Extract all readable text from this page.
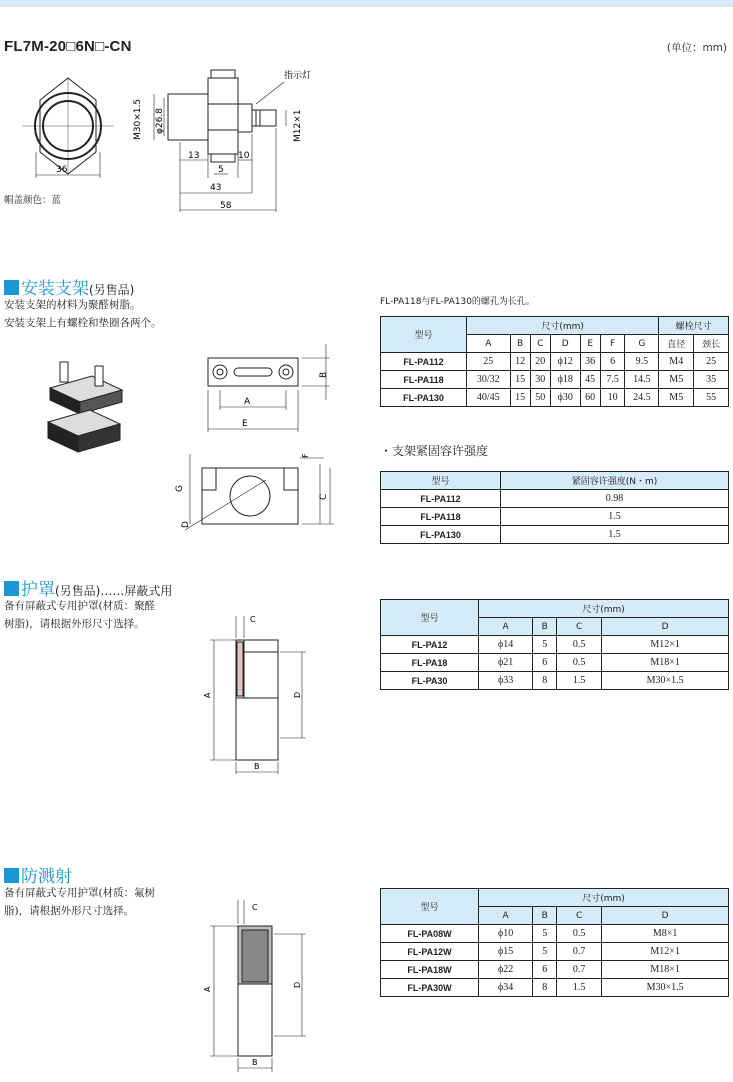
FL7M-20□6N□-CN	(单位：mm)
36
13	10
5
43
58
指示灯
M30×1.5 φ26.8	M12×1
帽盖颜色：蓝
安装支架(另售品)
安装支架的材料为聚醛树脂。
安装支架上有螺栓和垫圈各两个。
A
E
B
F
G
C
D
FL-PA118与FL-PA130的螺孔为长孔。
型号	尺寸(mm)							螺栓尺寸	
	A	B	C	D	E	F	G	直径	颈长
FL-PA112	25	12	20	ϕ12	36	6	9.5	M4	25
FL-PA118	30/32	15	30	ϕ18	45	7.5	14.5	M5	35
FL-PA130	40/45	15	50	ϕ30	60	10	24.5	M5	55
・支架紧固容许强度
型号	紧固容许强度(N・m)
FL-PA112	0.98
FL-PA118	1.5
FL-PA130	1.5
护罩(另售品)……屏蔽式用
备有屏蔽式专用护罩(材质：聚醛
树脂)，请根据外形尺寸选择。	C
A	D
B
型号	尺寸(mm)			
	A	B	C	D
FL-PA12	ϕ14	5	0.5	M12×1
FL-PA18	ϕ21	6	0.5	M18×1
FL-PA30	ϕ33	8	1.5	M30×1.5
防溅射
备有屏蔽式专用护罩(材质：氟树
脂)，请根据外形尺寸选择。	C
A
D
B
型号	尺寸(mm)			
	A	B	C	D
FL-PA08W	ϕ10	5	0.5	M8×1
FL-PA12W	ϕ15	5	0.7	M12×1
FL-PA18W	ϕ22	6	0.7	M18×1
FL-PA30W	ϕ34	8	1.5	M30×1.5
